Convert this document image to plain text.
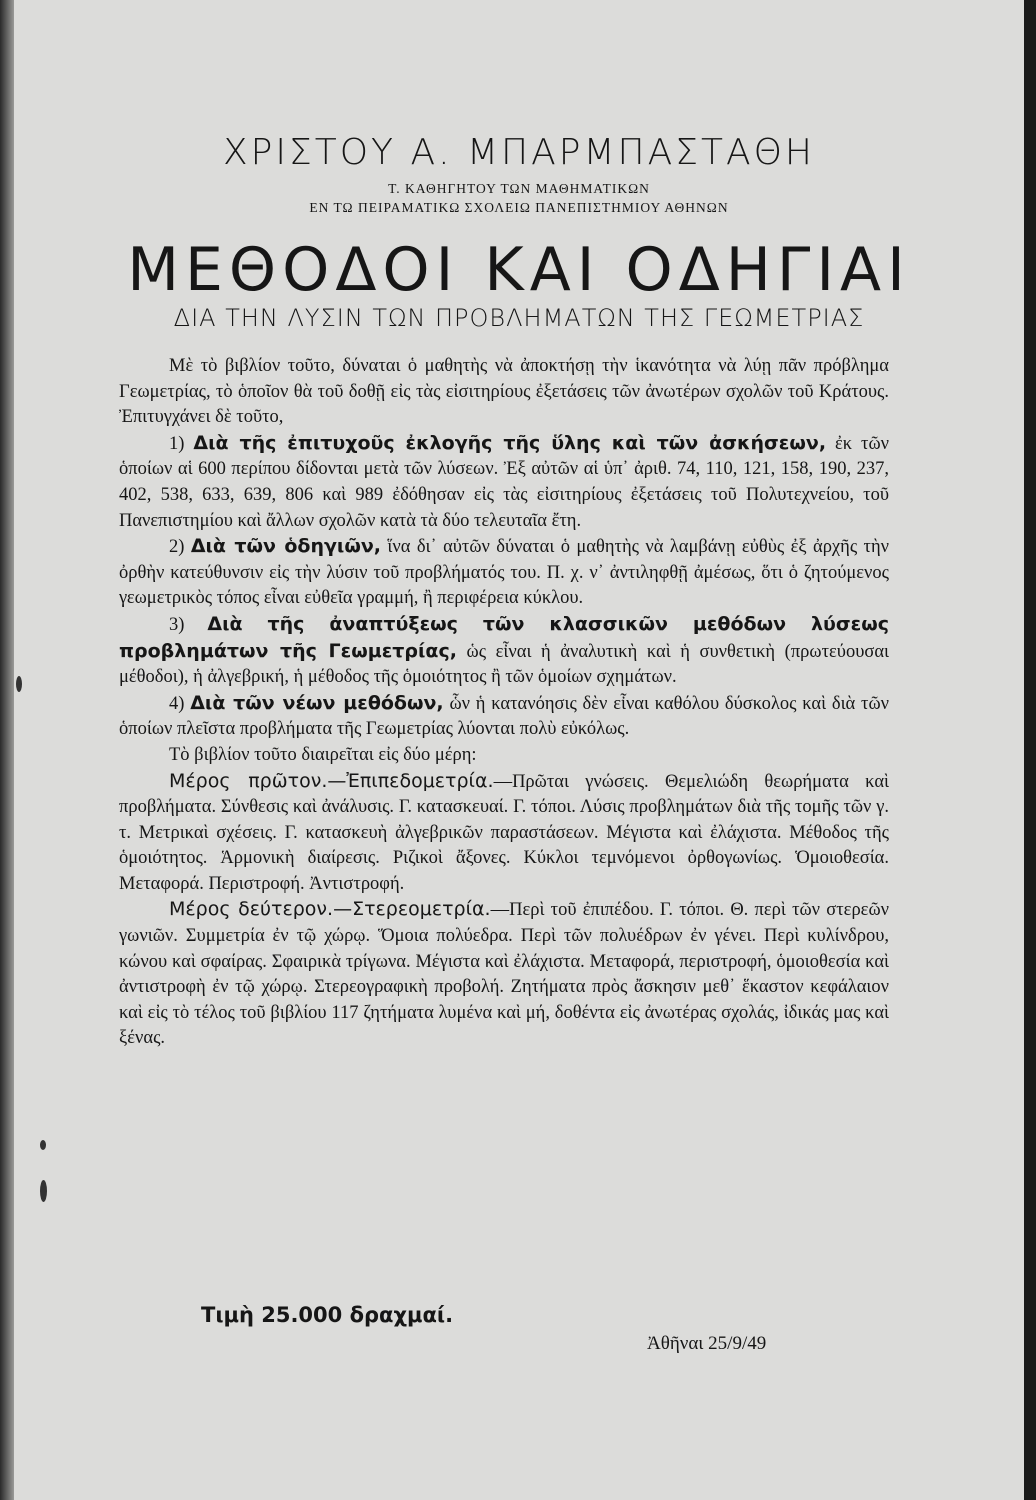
ΧΡΙΣΤΟΥ Α. ΜΠΑΡΜΠΑΣΤΑΘΗ
Τ. ΚΑΘΗΓΗΤΟΥ ΤΩΝ ΜΑΘΗΜΑΤΙΚΩΝ
ΕΝ ΤΩ ΠΕΙΡΑΜΑΤΙΚΩ ΣΧΟΛΕΙΩ ΠΑΝΕΠΙΣΤΗΜΙΟΥ ΑΘΗΝΩΝ
ΜΕΘΟΔΟΙ ΚΑΙ ΟΔΗΓΙΑΙ
ΔΙΑ ΤΗΝ ΛΥΣΙΝ ΤΩΝ ΠΡΟΒΛΗΜΑΤΩΝ ΤΗΣ ΓΕΩΜΕΤΡΙΑΣ

Μὲ τὸ βιβλίον τοῦτο, δύναται ὁ μαθητὴς νὰ ἀποκτήσῃ τὴν ἱκανότητα νὰ λύῃ πᾶν πρόβλημα Γεωμετρίας, τὸ ὁποῖον θὰ τοῦ δοθῇ εἰς τὰς εἰσιτηρίους ἐξετάσεις τῶν ἀνωτέρων σχολῶν τοῦ Κράτους. Ἐπιτυγχάνει δὲ τοῦτο,

1) Διὰ τῆς ἐπιτυχοῦς ἐκλογῆς τῆς ὕλης καὶ τῶν ἀσκήσεων, ἐκ τῶν ὁποίων αἱ 600 περίπου δίδονται μετὰ τῶν λύσεων. Ἐξ αὐτῶν αἱ ὑπ᾽ ἀριθ. 74, 110, 121, 158, 190, 237, 402, 538, 633, 639, 806 καὶ 989 ἐδόθησαν εἰς τὰς εἰσιτηρίους ἐξετάσεις τοῦ Πολυτεχνείου, τοῦ Πανεπιστημίου καὶ ἄλλων σχολῶν κατὰ τὰ δύο τελευταῖα ἔτη.

2) Διὰ τῶν ὁδηγιῶν, ἵνα δι᾽ αὐτῶν δύναται ὁ μαθητὴς νὰ λαμβάνῃ εὐθὺς ἐξ ἀρχῆς τὴν ὀρθὴν κατεύθυνσιν εἰς τὴν λύσιν τοῦ προβλήματός του. Π. χ. ν᾽ ἀντιληφθῇ ἀμέσως, ὅτι ὁ ζητούμενος γεωμετρικὸς τόπος εἶναι εὐθεῖα γραμμή, ἢ περιφέρεια κύκλου.

3) Διὰ τῆς ἀναπτύξεως τῶν κλασσικῶν μεθόδων λύσεως προβλημάτων τῆς Γεωμετρίας, ὡς εἶναι ἡ ἀναλυτικὴ καὶ ἡ συνθετικὴ (πρωτεύουσαι μέθοδοι), ἡ ἀλγεβρική, ἡ μέθοδος τῆς ὁμοιότητος ἢ τῶν ὁμοίων σχημάτων.

4) Διὰ τῶν νέων μεθόδων, ὧν ἡ κατανόησις δὲν εἶναι καθόλου δύσκολος καὶ διὰ τῶν ὁποίων πλεῖστα προβλήματα τῆς Γεωμετρίας λύονται πολὺ εὐκόλως.

Τὸ βιβλίον τοῦτο διαιρεῖται εἰς δύο μέρη:

Μέρος πρῶτον.—Ἐπιπεδομετρία.—Πρῶται γνώσεις. Θεμελιώδη θεωρήματα καὶ προβλήματα. Σύνθεσις καὶ ἀνάλυσις. Γ. κατασκευαί. Γ. τόποι. Λύσις προβλημάτων διὰ τῆς τομῆς τῶν γ. τ. Μετρικαὶ σχέσεις. Γ. κατασκευὴ ἀλγεβρικῶν παραστάσεων. Μέγιστα καὶ ἐλάχιστα. Μέθοδος τῆς ὁμοιότητος. Ἁρμονικὴ διαίρεσις. Ριζικοὶ ἄξονες. Κύκλοι τεμνόμενοι ὀρθογωνίως. Ὁμοιοθεσία. Μεταφορά. Περιστροφή. Ἀντιστροφή.

Μέρος δεύτερον.—Στερεομετρία.—Περὶ τοῦ ἐπιπέδου. Γ. τόποι. Θ. περὶ τῶν στερεῶν γωνιῶν. Συμμετρία ἐν τῷ χώρῳ. Ὅμοια πολύεδρα. Περὶ τῶν πολυέδρων ἐν γένει. Περὶ κυλίνδρου, κώνου καὶ σφαίρας. Σφαιρικὰ τρίγωνα. Μέγιστα καὶ ἐλάχιστα. Μεταφορά, περιστροφή, ὁμοιοθεσία καὶ ἀντιστροφὴ ἐν τῷ χώρῳ. Στερεογραφικὴ προβολή. Ζητήματα πρὸς ἄσκησιν μεθ᾽ ἕκαστον κεφάλαιον καὶ εἰς τὸ τέλος τοῦ βιβλίου 117 ζητήματα λυμένα καὶ μή, δοθέντα εἰς ἀνωτέρας σχολάς, ἰδικάς μας καὶ ξένας.

Τιμὴ 25.000 δραχμαί.
Ἀθῆναι 25/9/49
